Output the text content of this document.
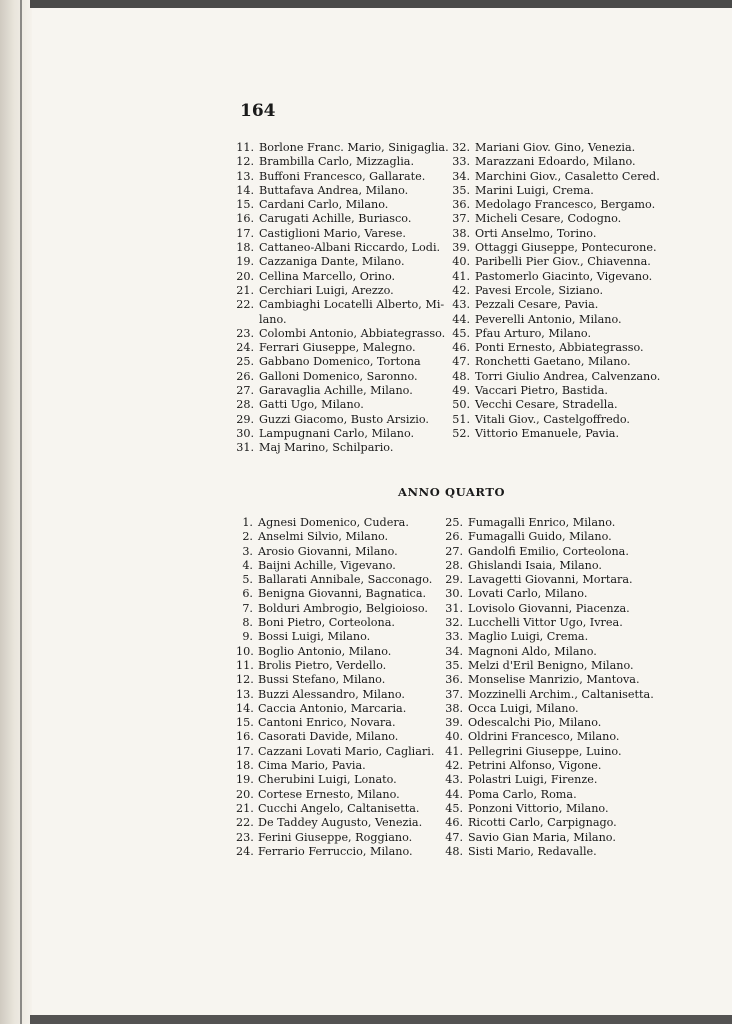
164
11. Borlone Franc. Mario, Sinigaglia.
12. Brambilla Carlo, Mizzaglia.
13. Buffoni Francesco, Gallarate.
14. Buttafava Andrea, Milano.
15. Cardani Carlo, Milano.
16. Carugati Achille, Buriasco.
17. Castiglioni Mario, Varese.
18. Cattaneo-Albani Riccardo, Lodi.
19. Cazzaniga Dante, Milano.
20. Cellina Marcello, Orino.
21. Cerchiari Luigi, Arezzo.
22. Cambiaghi Locatelli Alberto, Mi-
lano.
23. Colombi Antonio, Abbiategrasso.
24. Ferrari Giuseppe, Malegno.
25. Gabbano Domenico, Tortona
26. Galloni Domenico, Saronno.
27. Garavaglia Achille, Milano.
28. Gatti Ugo, Milano.
29. Guzzi Giacomo, Busto Arsizio.
30. Lampugnani Carlo, Milano.
31. Maj Marino, Schilpario.
32. Mariani Giov. Gino, Venezia.
33. Marazzani Edoardo, Milano.
34. Marchini Giov., Casaletto Cered.
35. Marini Luigi, Crema.
36. Medolago Francesco, Bergamo.
37. Micheli Cesare, Codogno.
38. Orti Anselmo, Torino.
39. Ottaggi Giuseppe, Pontecurone.
40. Paribelli Pier Giov., Chiavenna.
41. Pastomerlo Giacinto, Vigevano.
42. Pavesi Ercole, Siziano.
43. Pezzali Cesare, Pavia.
44. Peverelli Antonio, Milano.
45. Pfau Arturo, Milano.
46. Ponti Ernesto, Abbiategrasso.
47. Ronchetti Gaetano, Milano.
48. Torri Giulio Andrea, Calvenzano.
49. Vaccari Pietro, Bastida.
50. Vecchi Cesare, Stradella.
51. Vitali Giov., Castelgoffredo.
52. Vittorio Emanuele, Pavia.
ANNO QUARTO
1. Agnesi Domenico, Cudera.
2. Anselmi Silvio, Milano.
3. Arosio Giovanni, Milano.
4. Baijni Achille, Vigevano.
5. Ballarati Annibale, Sacconago.
6. Benigna Giovanni, Bagnatica.
7. Bolduri Ambrogio, Belgioioso.
8. Boni Pietro, Corteolona.
9. Bossi Luigi, Milano.
10. Boglio Antonio, Milano.
11. Brolis Pietro, Verdello.
12. Bussi Stefano, Milano.
13. Buzzi Alessandro, Milano.
14. Caccia Antonio, Marcaria.
15. Cantoni Enrico, Novara.
16. Casorati Davide, Milano.
17. Cazzani Lovati Mario, Cagliari.
18. Cima Mario, Pavia.
19. Cherubini Luigi, Lonato.
20. Cortese Ernesto, Milano.
21. Cucchi Angelo, Caltanisetta.
22. De Taddey Augusto, Venezia.
23. Ferini Giuseppe, Roggiano.
24. Ferrario Ferruccio, Milano.
25. Fumagalli Enrico, Milano.
26. Fumagalli Guido, Milano.
27. Gandolfi Emilio, Corteolona.
28. Ghislandi Isaia, Milano.
29. Lavagetti Giovanni, Mortara.
30. Lovati Carlo, Milano.
31. Lovisolo Giovanni, Piacenza.
32. Lucchelli Vittor Ugo, Ivrea.
33. Maglio Luigi, Crema.
34. Magnoni Aldo, Milano.
35. Melzi d'Eril Benigno, Milano.
36. Monselise Manrizio, Mantova.
37. Mozzinelli Archim., Caltanisetta.
38. Occa Luigi, Milano.
39. Odescalchi Pio, Milano.
40. Oldrini Francesco, Milano.
41. Pellegrini Giuseppe, Luino.
42. Petrini Alfonso, Vigone.
43. Polastri Luigi, Firenze.
44. Poma Carlo, Roma.
45. Ponzoni Vittorio, Milano.
46. Ricotti Carlo, Carpignago.
47. Savio Gian Maria, Milano.
48. Sisti Mario, Redavalle.
